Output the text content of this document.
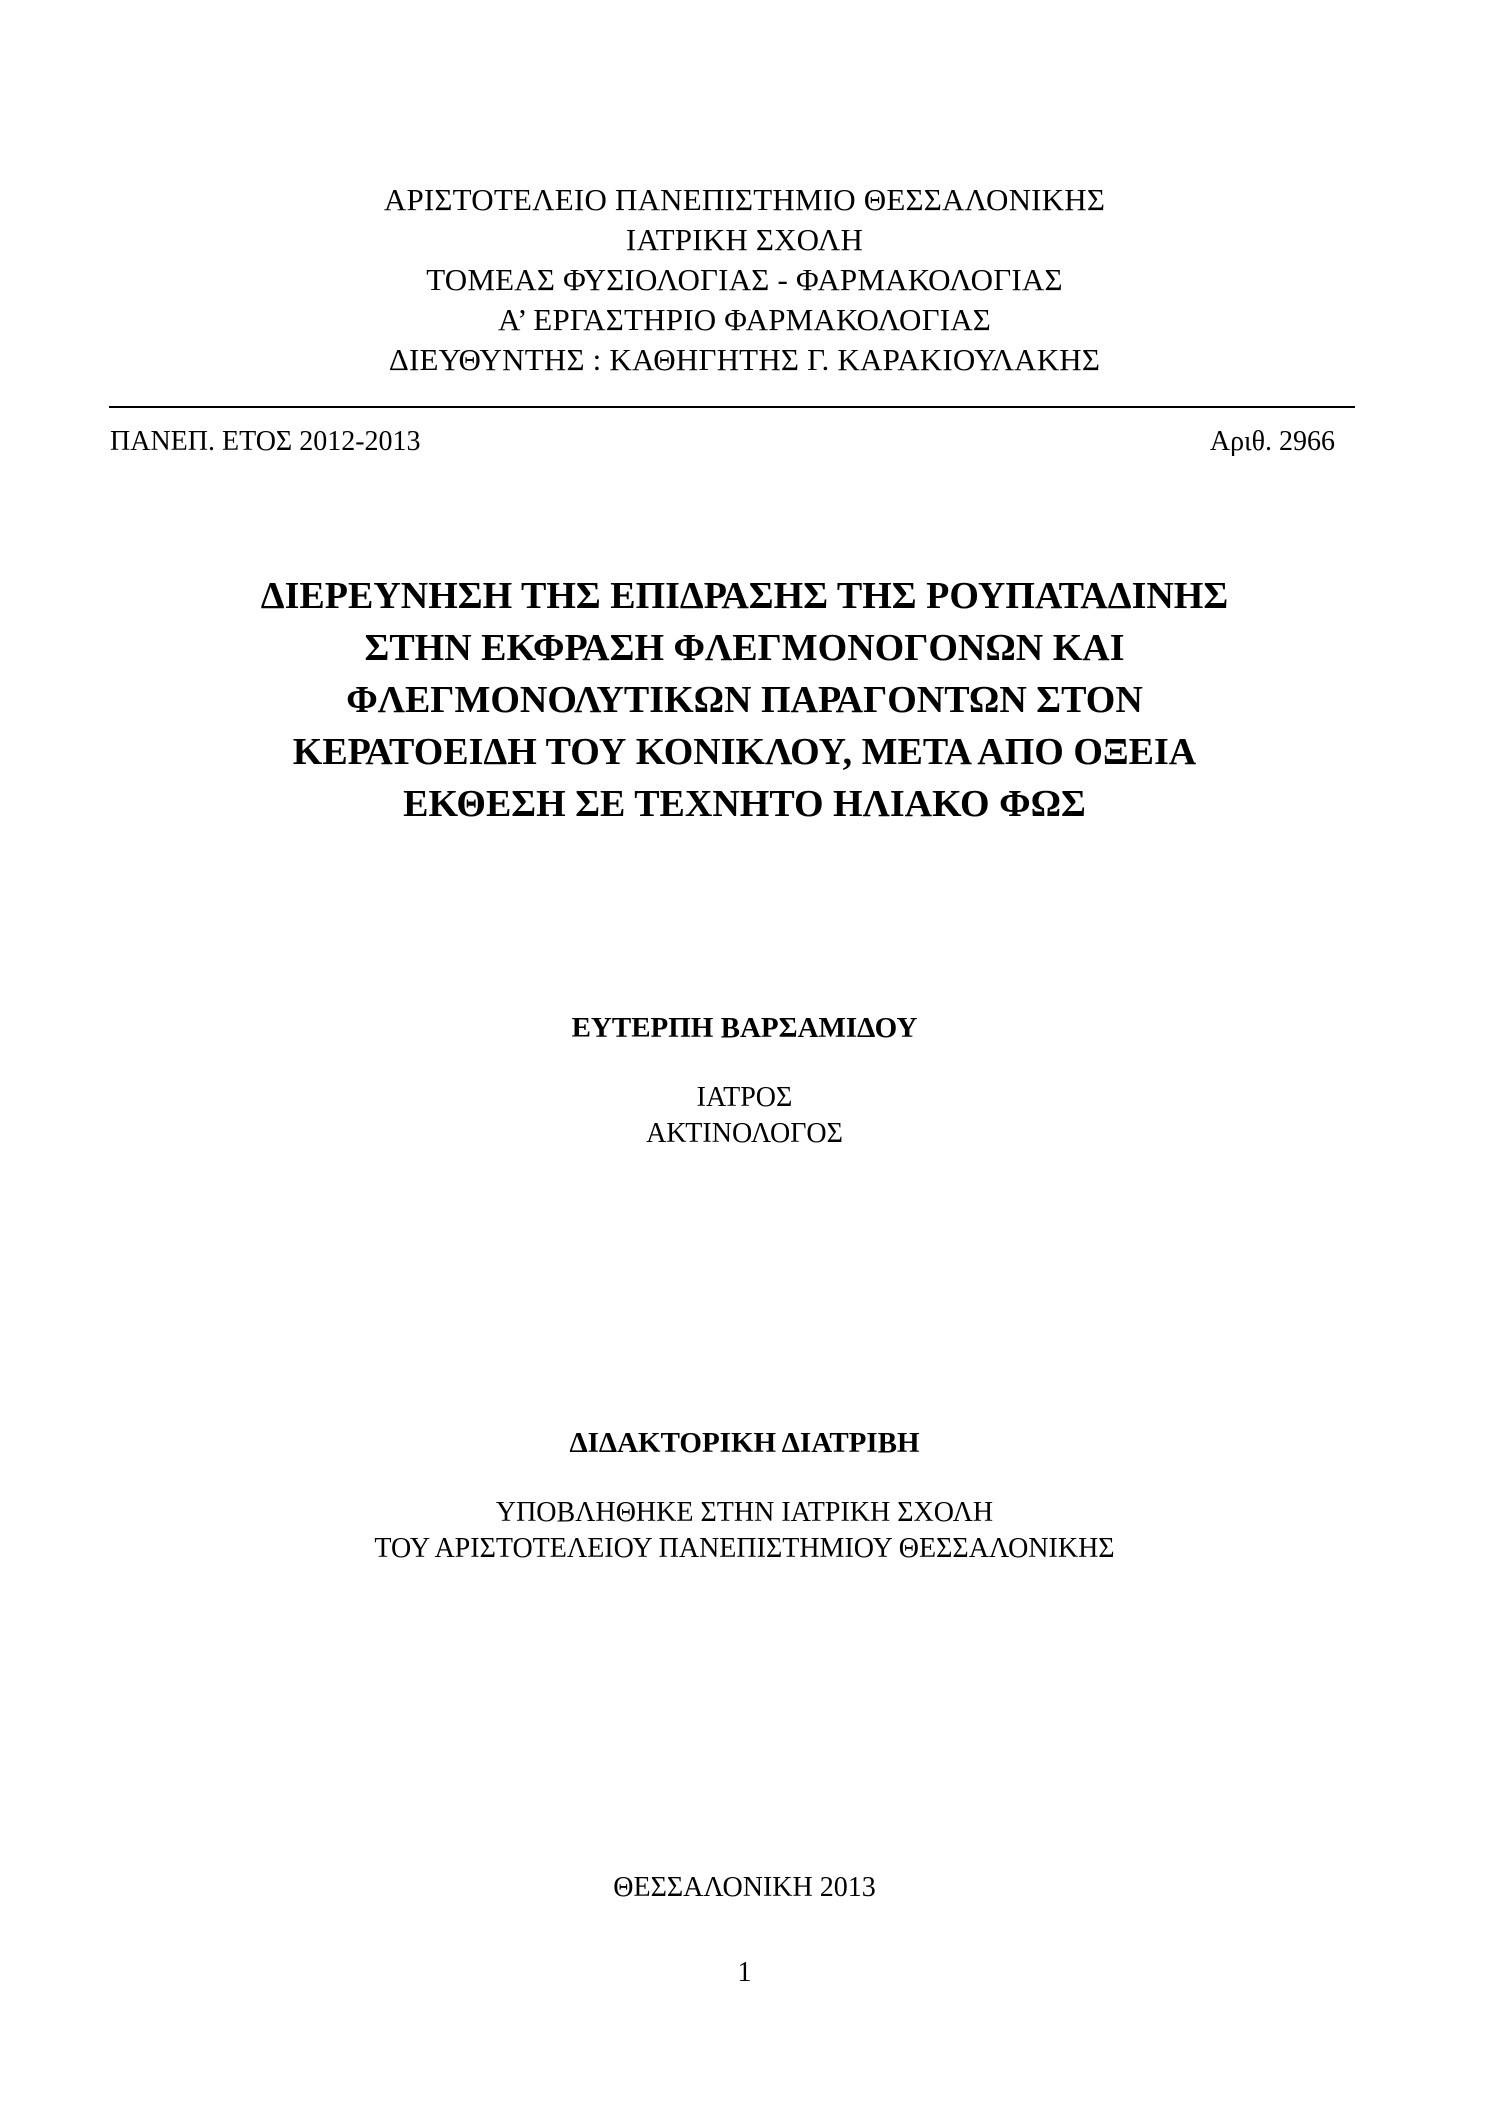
ΑΡΙΣΤΟΤΕΛΕΙΟ ΠΑΝΕΠΙΣΤΗΜΙΟ ΘΕΣΣΑΛΟΝΙΚΗΣ
ΙΑΤΡΙΚΗ ΣΧΟΛΗ
ΤΟΜΕΑΣ ΦΥΣΙΟΛΟΓΙΑΣ - ΦΑΡΜΑΚΟΛΟΓΙΑΣ
Α’ ΕΡΓΑΣΤΗΡΙΟ ΦΑΡΜΑΚΟΛΟΓΙΑΣ
ΔΙΕΥΘΥΝΤΗΣ : ΚΑΘΗΓΗΤΗΣ Γ. ΚΑΡΑΚΙΟΥΛΑΚΗΣ
ΠΑΝΕΠ. ΕΤΟΣ 2012-2013	Αριθ. 2966
ΔΙΕΡΕΥΝΗΣΗ ΤΗΣ ΕΠΙΔΡΑΣΗΣ ΤΗΣ ΡΟΥΠΑΤΑΔΙΝΗΣ
ΣΤΗΝ ΕΚΦΡΑΣΗ ΦΛΕΓΜΟΝΟΓΟΝΩΝ ΚΑΙ
ΦΛΕΓΜΟΝΟΛΥΤΙΚΩΝ ΠΑΡΑΓΟΝΤΩΝ ΣΤΟΝ
ΚΕΡΑΤΟΕΙΔΗ ΤΟΥ ΚΟΝΙΚΛΟΥ, ΜΕΤΑ ΑΠΟ ΟΞΕΙΑ
ΕΚΘΕΣΗ ΣΕ ΤΕΧΝΗΤΟ ΗΛΙΑΚΟ ΦΩΣ
ΕΥΤΕΡΠΗ ΒΑΡΣΑΜΙΔΟΥ
ΙΑΤΡΟΣ
ΑΚΤΙΝΟΛΟΓΟΣ
ΔΙΔΑΚΤΟΡΙΚΗ ΔΙΑΤΡΙΒΗ
ΥΠΟΒΛΗΘΗΚΕ ΣΤΗΝ ΙΑΤΡΙΚΗ ΣΧΟΛΗ
ΤΟΥ ΑΡΙΣΤΟΤΕΛΕΙΟΥ ΠΑΝΕΠΙΣΤΗΜΙΟΥ ΘΕΣΣΑΛΟΝΙΚΗΣ
ΘΕΣΣΑΛΟΝΙΚΗ 2013
1
